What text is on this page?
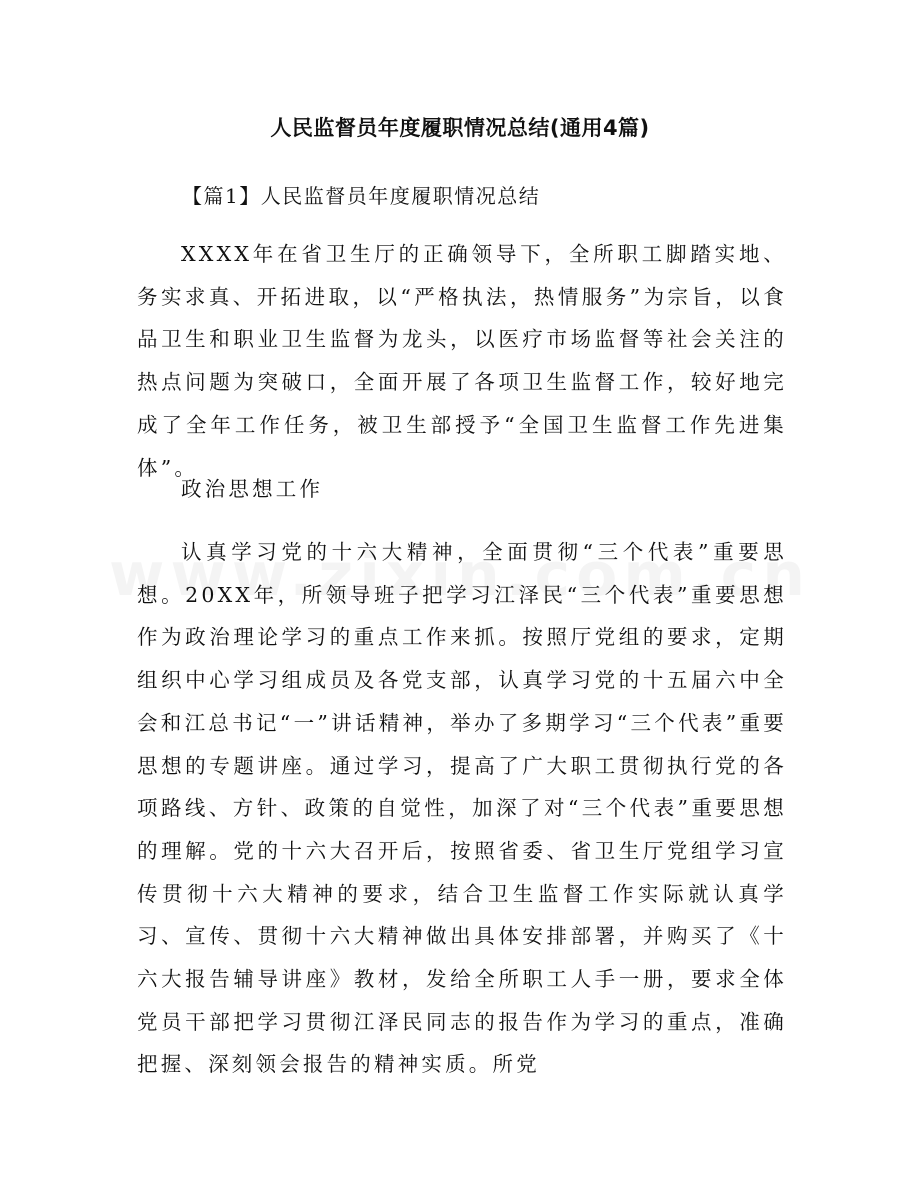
人民监督员年度履职情况总结(通用4篇)

【篇1】人民监督员年度履职情况总结

XXXX年在省卫生厅的正确领导下，全所职工脚踏实地、务实求真、开拓进取，以“严格执法，热情服务”为宗旨，以食品卫生和职业卫生监督为龙头，以医疗市场监督等社会关注的热点问题为突破口，全面开展了各项卫生监督工作，较好地完成了全年工作任务，被卫生部授予“全国卫生监督工作先进集体”。

政治思想工作

认真学习党的十六大精神，全面贯彻“三个代表”重要思想。20XX年，所领导班子把学习江泽民“三个代表”重要思想作为政治理论学习的重点工作来抓。按照厅党组的要求，定期组织中心学习组成员及各党支部，认真学习党的十五届六中全会和江总书记“一”讲话精神，举办了多期学习“三个代表”重要思想的专题讲座。通过学习，提高了广大职工贯彻执行党的各项路线、方针、政策的自觉性，加深了对“三个代表”重要思想的理解。党的十六大召开后，按照省委、省卫生厅党组学习宣传贯彻十六大精神的要求，结合卫生监督工作实际就认真学习、宣传、贯彻十六大精神做出具体安排部署，并购买了《十六大报告辅导讲座》教材，发给全所职工人手一册，要求全体党员干部把学习贯彻江泽民同志的报告作为学习的重点，准确把握、深刻领会报告的精神实质。所党
